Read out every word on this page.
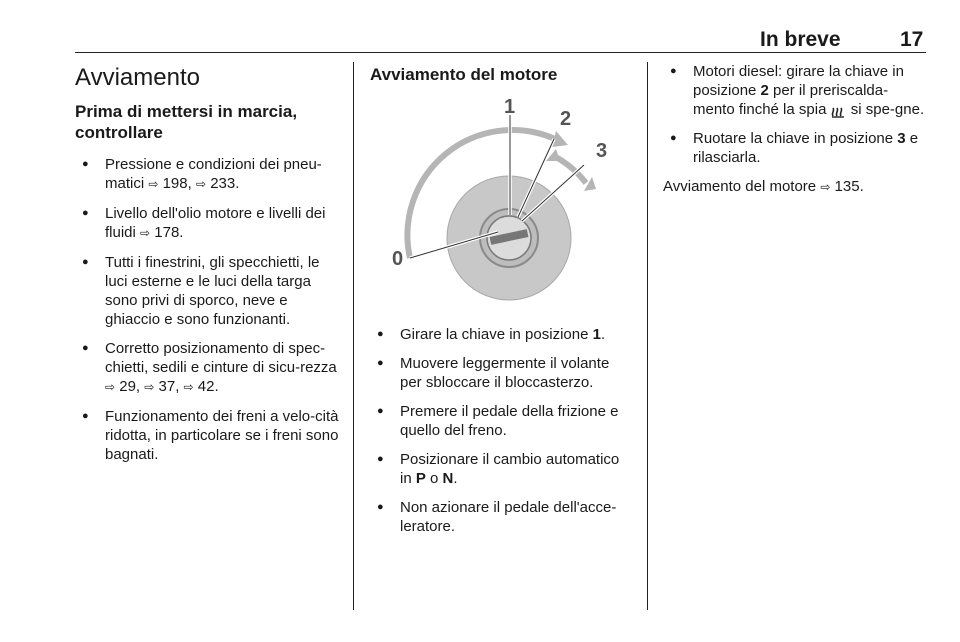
In breve	17
Avviamento
Prima di mettersi in marcia, controllare
● Pressione e condizioni dei pneu-matici ⇨ 198, ⇨ 233.
● Livello dell'olio motore e livelli dei fluidi ⇨ 178.
● Tutti i finestrini, gli specchietti, le luci esterne e le luci della targa sono privi di sporco, neve e ghiaccio e sono funzionanti.
● Corretto posizionamento di spec-chietti, sedili e cinture di sicu-rezza ⇨ 29, ⇨ 37, ⇨ 42.
● Funzionamento dei freni a velo-cità ridotta, in particolare se i freni sono bagnati.
Avviamento del motore
0
1
2
3
● Girare la chiave in posizione 1.
● Muovere leggermente il volante per sbloccare il bloccasterzo.
● Premere il pedale della frizione e quello del freno.
● Posizionare il cambio automatico in P o N.
● Non azionare il pedale dell'acce-leratore.
● Motori diesel: girare la chiave in posizione 2 per il preriscalda-mento finché la spia  si spe-gne.
● Ruotare la chiave in posizione 3 e rilasciarla.
Avviamento del motore ⇨ 135.
